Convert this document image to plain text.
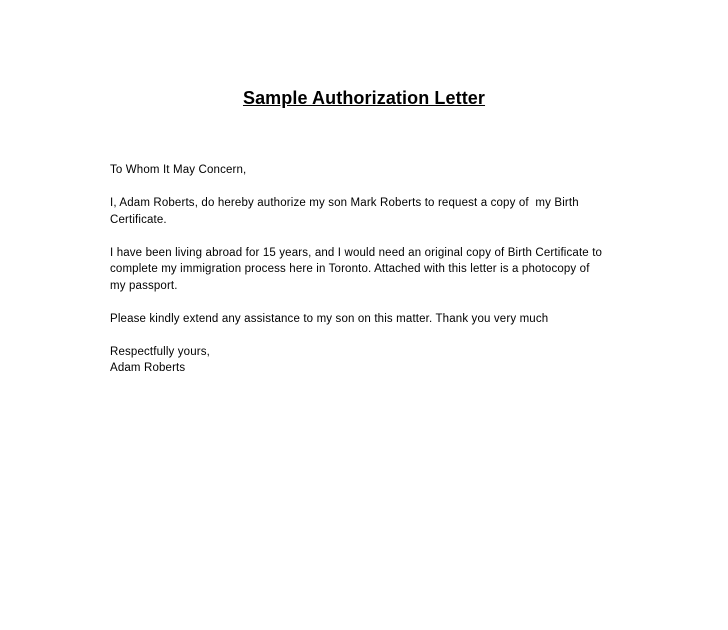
Sample Authorization Letter

To Whom It May Concern,

I, Adam Roberts, do hereby authorize my son Mark Roberts to request a copy of  my Birth
Certificate.

I have been living abroad for 15 years, and I would need an original copy of Birth Certificate to
complete my immigration process here in Toronto. Attached with this letter is a photocopy of
my passport.

Please kindly extend any assistance to my son on this matter. Thank you very much

Respectfully yours,
Adam Roberts
